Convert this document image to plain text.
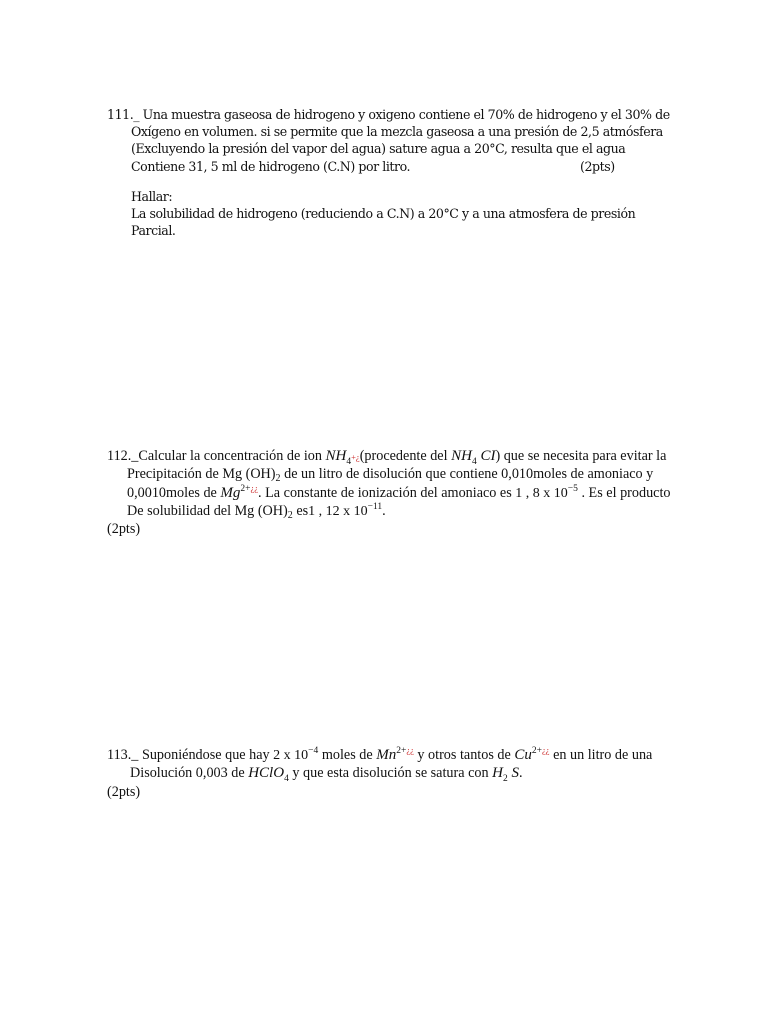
111._ Una muestra gaseosa de hidrogeno y oxigeno contiene el 70% de hidrogeno y el 30% de
Oxígeno en volumen. si se permite que la mezcla gaseosa a una presión de 2,5 atmósfera
(Excluyendo la presión del vapor del agua) sature agua a 20°C, resulta que el agua
Contiene 31, 5 ml de hidrogeno (C.N) por litro.	(2pts)
Hallar:
La solubilidad de hidrogeno (reduciendo a C.N) a 20°C y a una atmosfera de presión
Parcial.
112._Calcular la concentración de ion $NH_4+¿(procedente$ del $NH_4$ CI) que se necesita para evitar la
Precipitación de Mg $(OH)_2$ de un litro de disolución que contiene 0,010moles de amoniaco y
0,0010moles de $Mg^{2+¿¿}$. La constante de ionización del amoniaco es 1 , 8 x $10^{-5}$ . Es el producto
De solubilidad del Mg $(OH)_2$ es1 , 12 x $10^{-11}$.
(2pts)
113._ Suponiéndose que hay 2 x $10^{-4}$ moles de $Mn^{2+¿¿}$ y otros tantos de $Cu^{2+¿¿}$ en un litro de una
Disolución 0,003 de HClO$_4$ y que esta disolución se satura con $H_2$ S.
(2pts)
